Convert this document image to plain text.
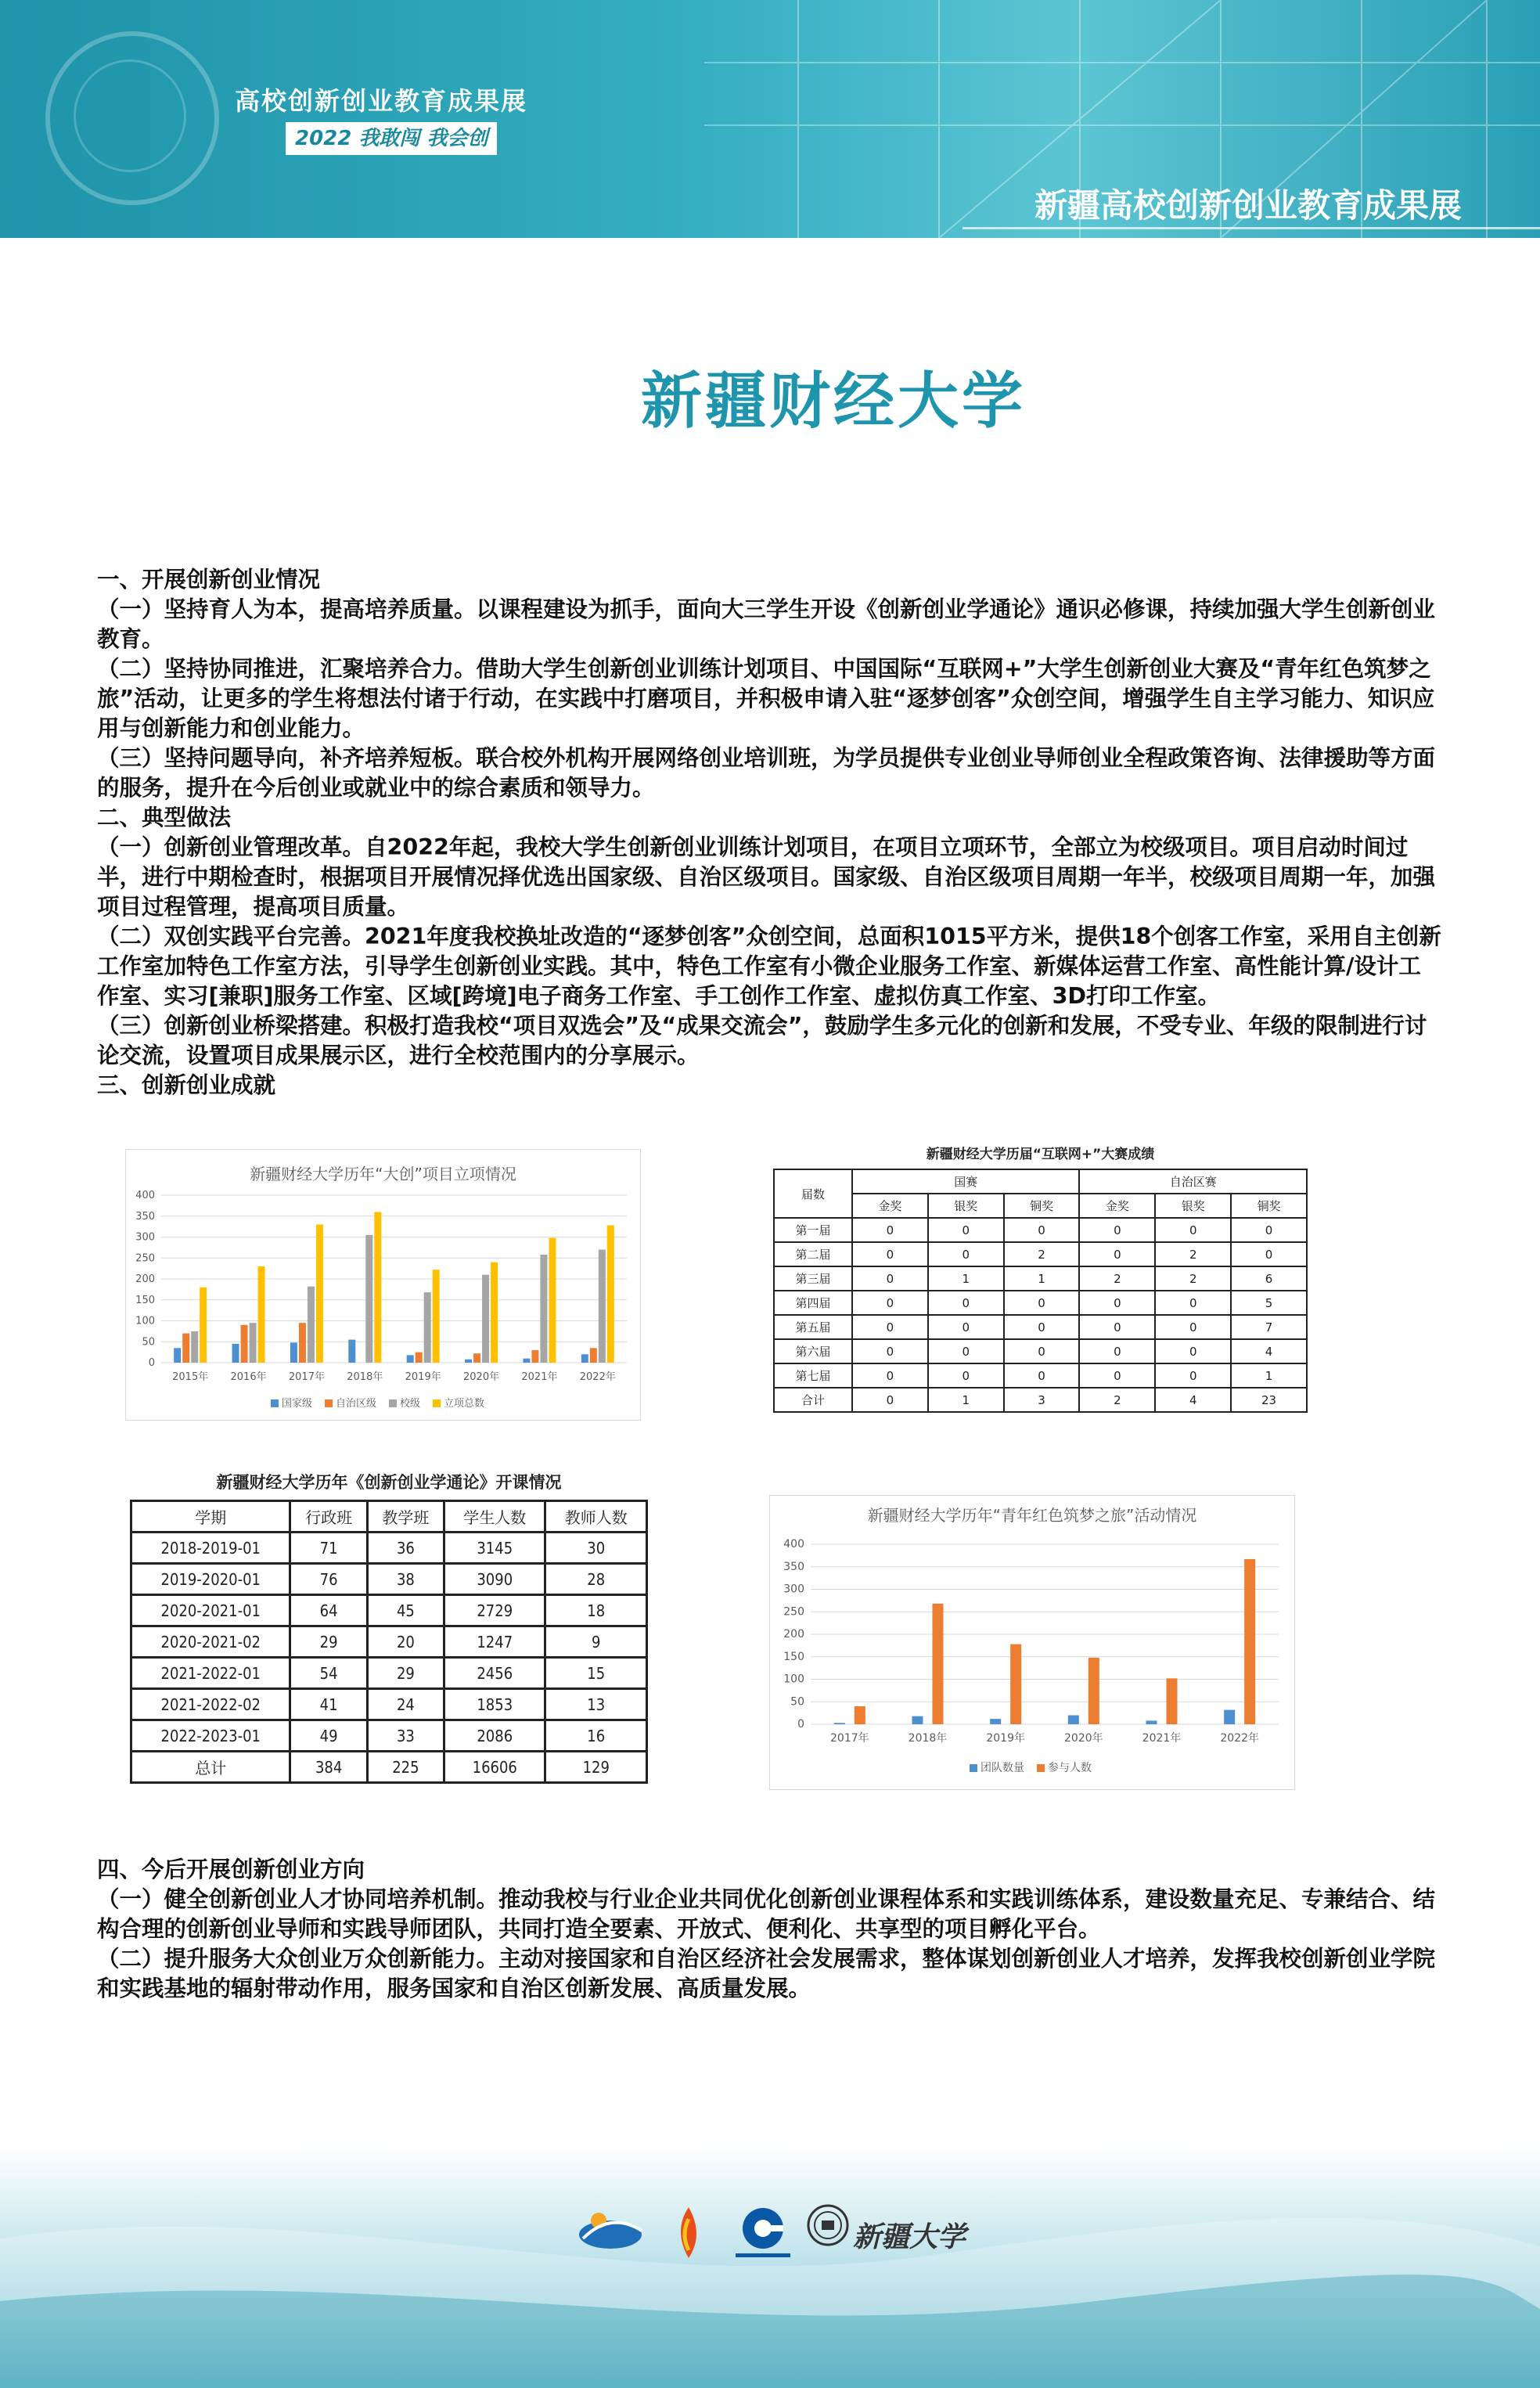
高校创新创业教育成果展
2022 我敢闯 我会创
新疆高校创新创业教育成果展
新疆财经大学

一、开展创新创业情况

（一）坚持育人为本，提高培养质量。以课程建设为抓手，面向大三学生开设《创新创业学通论》通识必修课，持续加强大学生创新创业教育。

（二）坚持协同推进，汇聚培养合力。借助大学生创新创业训练计划项目、中国国际“互联网+”大学生创新创业大赛及“青年红色筑梦之旅”活动，让更多的学生将想法付诸于行动，在实践中打磨项目，并积极申请入驻“逐梦创客”众创空间，增强学生自主学习能力、知识应用与创新能力和创业能力。

（三）坚持问题导向，补齐培养短板。联合校外机构开展网络创业培训班，为学员提供专业创业导师创业全程政策咨询、法律援助等方面的服务，提升在今后创业或就业中的综合素质和领导力。

二、典型做法

（一）创新创业管理改革。自2022年起，我校大学生创新创业训练计划项目，在项目立项环节，全部立为校级项目。项目启动时间过半，进行中期检查时，根据项目开展情况择优选出国家级、自治区级项目。国家级、自治区级项目周期一年半，校级项目周期一年，加强项目过程管理，提高项目质量。

（二）双创实践平台完善。2021年度我校换址改造的“逐梦创客”众创空间，总面积1015平方米，提供18个创客工作室，采用自主创新工作室加特色工作室方法，引导学生创新创业实践。其中，特色工作室有小微企业服务工作室、新媒体运营工作室、高性能计算/设计工作室、实习[兼职]服务工作室、区域[跨境]电子商务工作室、手工创作工作室、虚拟仿真工作室、3D打印工作室。

（三）创新创业桥梁搭建。积极打造我校“项目双选会”及“成果交流会”，鼓励学生多元化的创新和发展，不受专业、年级的限制进行讨论交流，设置项目成果展示区，进行全校范围内的分享展示。

三、创新创业成就

新疆财经大学历年“大创”项目立项情况
0
50
100
150
200
250
300
350
400
2015年 2016年 2017年 2018年 2019年 2020年 2021年 2022年
国家级 自治区级 校级 立项总数
新疆财经大学历届“互联网+”大赛成绩
届数	国赛			自治区赛		
	金奖	银奖	铜奖	金奖	银奖	铜奖
第一届	0	0	0	0	0	0
第二届	0	0	2	0	2	0
第三届	0	1	1	2	2	6
第四届	0	0	0	0	0	5
第五届	0	0	0	0	0	7
第六届	0	0	0	0	0	4
第七届	0	0	0	0	0	1
合计	0	1	3	2	4	23
新疆财经大学历年《创新创业学通论》开课情况
学期	行政班	教学班	学生人数	教师人数
2018-2019-01	71	36	3145	30
2019-2020-01	76	38	3090	28
2020-2021-01	64	45	2729	18
2020-2021-02	29	20	1247	9
2021-2022-01	54	29	2456	15
2021-2022-02	41	24	1853	13
2022-2023-01	49	33	2086	16
总计	384	225	16606	129
新疆财经大学历年“青年红色筑梦之旅”活动情况
0
50
100
150
200
250
300
350
400
2017年	2018年	2019年	2020年	2021年	2022年
团队数量 参与人数

四、今后开展创新创业方向

（一）健全创新创业人才协同培养机制。推动我校与行业企业共同优化创新创业课程体系和实践训练体系，建设数量充足、专兼结合、结构合理的创新创业导师和实践导师团队，共同打造全要素、开放式、便利化、共享型的项目孵化平台。

（二）提升服务大众创业万众创新能力。主动对接国家和自治区经济社会发展需求，整体谋划创新创业人才培养，发挥我校创新创业学院和实践基地的辐射带动作用，服务国家和自治区创新发展、高质量发展。

新疆大学
